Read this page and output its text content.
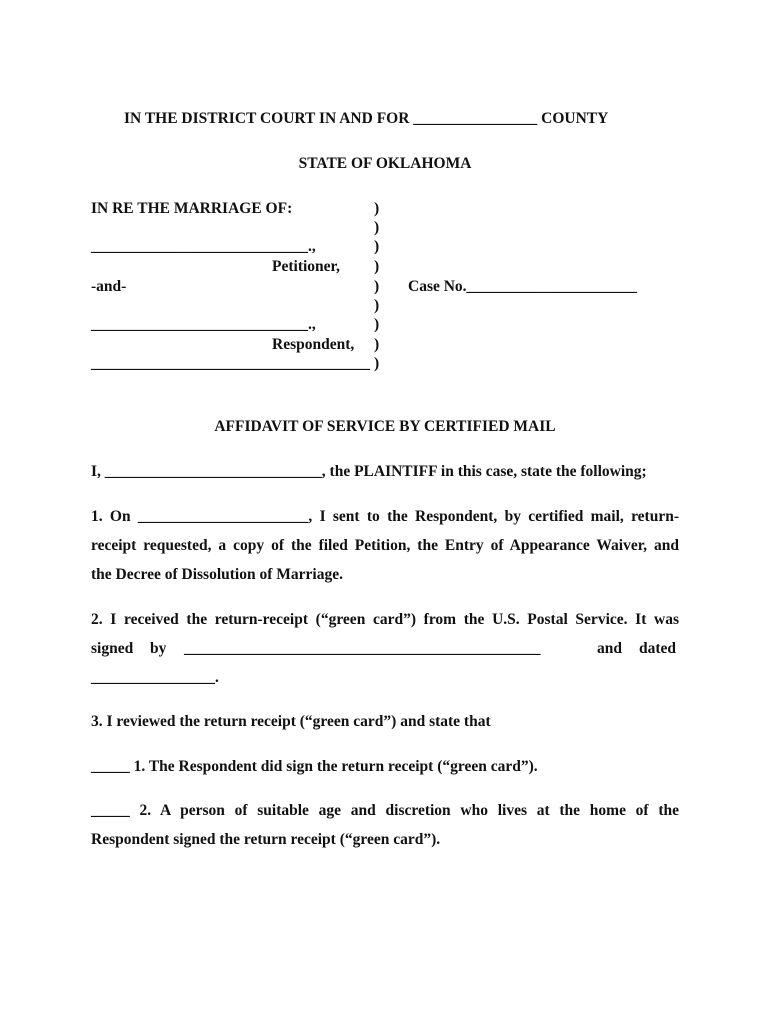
IN THE DISTRICT COURT IN AND FOR ________________ COUNTY
STATE OF OKLAHOMA
IN RE THE MARRIAGE OF:
____________________________.,
Petitioner,
-and-	Case No.______________________
____________________________.,
Respondent,
____________________________________
)
)
)
)
)
)
)
)
)
AFFIDAVIT OF SERVICE BY CERTIFIED MAIL
I, ____________________________, the PLAINTIFF in this case, state the following;
1. On ______________________, I sent to the Respondent, by certified mail, return-
receipt requested, a copy of the filed Petition, the Entry of Appearance Waiver, and
the Decree of Dissolution of Marriage.
2. I received the return-receipt (“green card”) from the U.S. Postal Service. It was
signed by ______________________________________________	and dated
________________.
3. I reviewed the return receipt (“green card”) and state that
_____ 1. The Respondent did sign the return receipt (“green card”).
_____ 2. A person of suitable age and discretion who lives at the home of the
Respondent signed the return receipt (“green card”).
